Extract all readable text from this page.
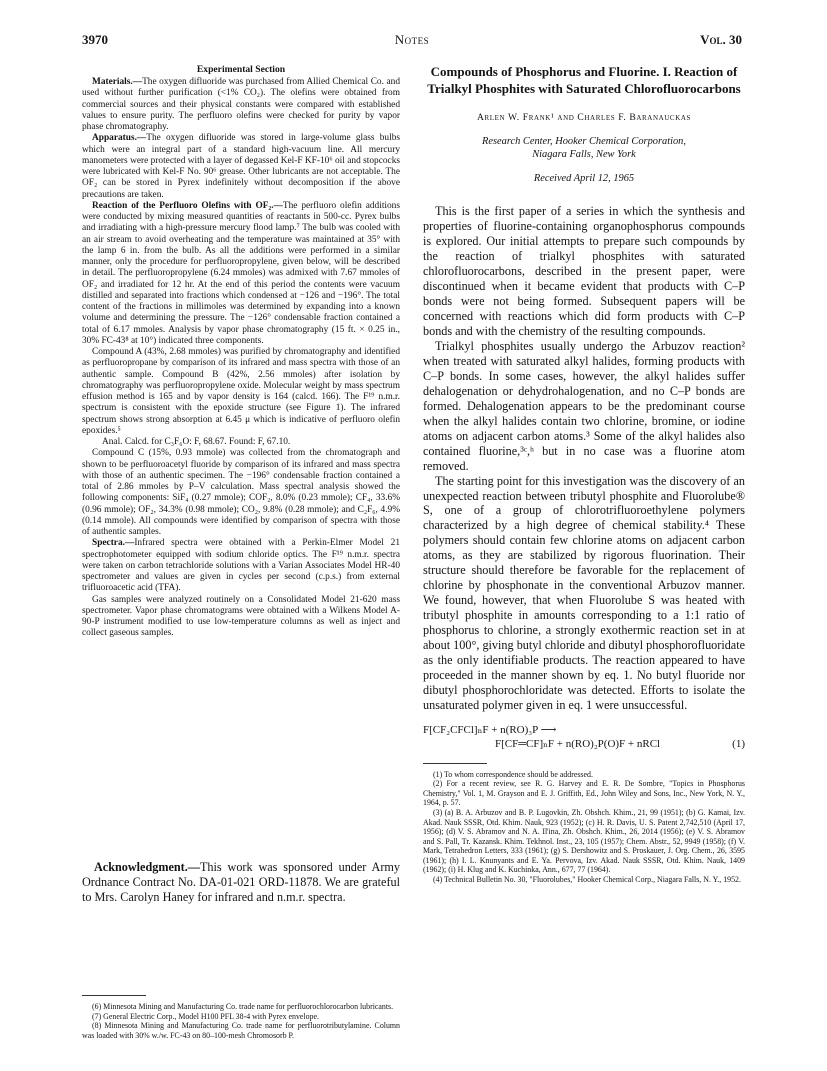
3970	Notes	Vol. 30
Experimental Section

Materials.—The oxygen difluoride was purchased from Allied Chemical Co. and used without further purification (<1% CO₂). The olefins were obtained from commercial sources and their physical constants were compared with established values to ensure purity. The perfluoro olefins were checked for purity by vapor phase chromatography.

Apparatus.—The oxygen difluoride was stored in large-volume glass bulbs which were an integral part of a standard high-vacuum line. All mercury manometers were protected with a layer of degassed Kel-F KF-10⁶ oil and stopcocks were lubricated with Kel-F No. 90⁶ grease. Other lubricants are not acceptable. The OF₂ can be stored in Pyrex indefinitely without decomposition if the above precautions are taken.

Reaction of the Perfluoro Olefins with OF₂.—The perfluoro olefin additions were conducted by mixing measured quantities of reactants in 500-cc. Pyrex bulbs and irradiating with a high-pressure mercury flood lamp.⁷ The bulb was cooled with an air stream to avoid overheating and the temperature was maintained at 35° with the lamp 6 in. from the bulb. As all the additions were performed in a similar manner, only the procedure for perfluoropropylene, given below, will be described in detail. The perfluoropropylene (6.24 mmoles) was admixed with 7.67 mmoles of OF₂ and irradiated for 12 hr. At the end of this period the contents were vacuum distilled and separated into fractions which condensed at −126 and −196°. The total content of the fractions in millimoles was determined by expanding into a known volume and determining the pressure. The −126° condensable fraction contained a total of 6.17 mmoles. Analysis by vapor phase chromatography (15 ft. × 0.25 in., 30% FC-43⁸ at 10°) indicated three components.

Compound A (43%, 2.68 mmoles) was purified by chromatography and identified as perfluoropropane by comparison of its infrared and mass spectra with those of an authentic sample. Compound B (42%, 2.56 mmoles) after isolation by chromatography was perfluoropropylene oxide. Molecular weight by mass spectrum effusion method is 165 and by vapor density is 164 (calcd. 166). The F¹⁹ n.m.r. spectrum is consistent with the epoxide structure (see Figure 1). The infrared spectrum shows strong absorption at 6.45 μ which is indicative of perfluoro olefin epoxides.⁵

Anal. Calcd. for C₃F₆O: F, 68.67. Found: F, 67.10.

Compound C (15%, 0.93 mmole) was collected from the chromatograph and shown to be perfluoroacetyl fluoride by comparison of its infrared and mass spectra with those of an authentic specimen. The −196° condensable fraction contained a total of 2.86 mmoles by P–V calculation. Mass spectral analysis showed the following components: SiF₄ (0.27 mmole); COF₂, 8.0% (0.23 mmole); CF₄, 33.6% (0.96 mmole); OF₂, 34.3% (0.98 mmole); CO₂, 9.8% (0.28 mmole); and C₂F₆, 4.9% (0.14 mmole). All compounds were identified by comparison of spectra with those of authentic samples.

Spectra.—Infrared spectra were obtained with a Perkin-Elmer Model 21 spectrophotometer equipped with sodium chloride optics. The F¹⁹ n.m.r. spectra were taken on carbon tetrachloride solutions with a Varian Associates Model HR-40 spectrometer and values are given in cycles per second (c.p.s.) from external trifluoroacetic acid (TFA).

Gas samples were analyzed routinely on a Consolidated Model 21-620 mass spectrometer. Vapor phase chromatograms were obtained with a Wilkens Model A-90-P instrument modified to use low-temperature columns as well as inject and collect gaseous samples.

Acknowledgment.—This work was sponsored under Army Ordnance Contract No. DA-01-021 ORD-11878. We are grateful to Mrs. Carolyn Haney for infrared and n.m.r. spectra.

(6) Minnesota Mining and Manufacturing Co. trade name for perfluorochlorocarbon lubricants.

(7) General Electric Corp., Model H100 PFL 38-4 with Pyrex envelope.

(8) Minnesota Mining and Manufacturing Co. trade name for perfluorotributylamine. Column was loaded with 30% w./w. FC-43 on 80–100-mesh Chromosorb P.

Compounds of Phosphorus and Fluorine. I. Reaction of Trialkyl Phosphites with Saturated Chlorofluorocarbons
Arlen W. Frank¹ and Charles F. Baranauckas
Research Center, Hooker Chemical Corporation,
Niagara Falls, New York
Received April 12, 1965

This is the first paper of a series in which the synthesis and properties of fluorine-containing organophosphorus compounds is explored. Our initial attempts to prepare such compounds by the reaction of trialkyl phosphites with saturated chlorofluorocarbons, described in the present paper, were discontinued when it became evident that products with C–P bonds were not being formed. Subsequent papers will be concerned with reactions which did form products with C–P bonds and with the chemistry of the resulting compounds.

Trialkyl phosphites usually undergo the Arbuzov reaction² when treated with saturated alkyl halides, forming products with C–P bonds. In some cases, however, the alkyl halides suffer dehalogenation or dehydrohalogenation, and no C–P bonds are formed. Dehalogenation appears to be the predominant course when the alkyl halides contain two chlorine, bromine, or iodine atoms on adjacent carbon atoms.³ Some of the alkyl halides also contained fluorine,³ᶜ,ʰ but in no case was a fluorine atom removed.

The starting point for this investigation was the discovery of an unexpected reaction between tributyl phosphite and Fluorolube® S, one of a group of chlorotrifluoroethylene polymers characterized by a high degree of chemical stability.⁴ These polymers should contain few chlorine atoms on adjacent carbon atoms, as they are stabilized by rigorous fluorination. Their structure should therefore be favorable for the replacement of chlorine by phosphonate in the conventional Arbuzov manner. We found, however, that when Fluorolube S was heated with tributyl phosphite in amounts corresponding to a 1:1 ratio of phosphorus to chlorine, a strongly exothermic reaction set in at about 100°, giving butyl chloride and dibutyl phosphorofluoridate as the only identifiable products. The reaction appeared to have proceeded in the manner shown by eq. 1. No butyl fluoride nor dibutyl phosphorochloridate was detected. Efforts to isolate the unsaturated polymer given in eq. 1 were unsuccessful.

F[CF₂CFCl]ₙF + n(RO)₃P ⟶
F[CF═CF]ₙF + n(RO)₂P(O)F + nRCl	(1)

(1) To whom correspondence should be addressed.

(2) For a recent review, see R. G. Harvey and E. R. De Sombre, "Topics in Phosphorus Chemistry," Vol. 1, M. Grayson and E. J. Griffith, Ed., John Wiley and Sons, Inc., New York, N. Y., 1964, p. 57.

(3) (a) B. A. Arbuzov and B. P. Lugovkin, Zh. Obshch. Khim., 21, 99 (1951); (b) G. Kamai, Izv. Akad. Nauk SSSR, Otd. Khim. Nauk, 923 (1952); (c) H. R. Davis, U. S. Patent 2,742,510 (April 17, 1956); (d) V. S. Abramov and N. A. Il'ina, Zh. Obshch. Khim., 26, 2014 (1956); (e) V. S. Abramov and S. Pall, Tr. Kazansk. Khim. Tekhnol. Inst., 23, 105 (1957); Chem. Abstr., 52, 9949 (1958); (f) V. Mark, Tetrahedron Letters, 333 (1961); (g) S. Dershowitz and S. Proskauer, J. Org. Chem., 26, 3595 (1961); (h) I. L. Knunyants and E. Ya. Pervova, Izv. Akad. Nauk SSSR, Otd. Khim. Nauk, 1409 (1962); (i) H. Klug and K. Kuchinka, Ann., 677, 77 (1964).

(4) Technical Bulletin No. 30, "Fluorolubes," Hooker Chemical Corp., Niagara Falls, N. Y., 1952.
